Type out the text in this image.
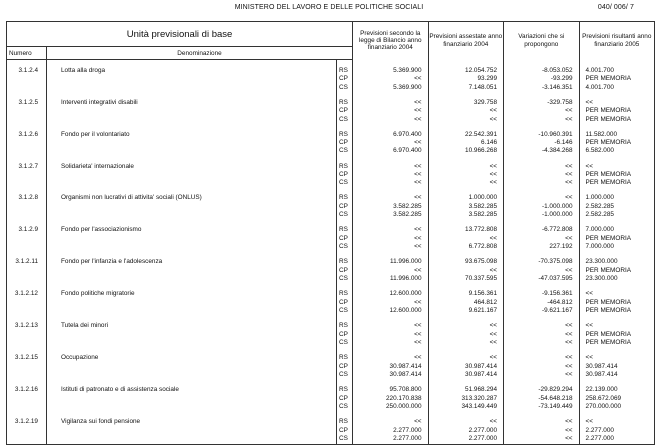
MINISTERO DEL LAVORO E DELLE POLITICHE SOCIALI	040/ 006/ 7
Unità previsionali di base			Previsioni secondo la legge di Bilancio anno finanziario 2004	Previsioni assestate anno finanziario 2004	Variazioni che si propongono	Previsioni risultanti anno finanziario 2005
Numero	Denominazione					

3.1.2.4	Lotta alla droga	RS	5.369.900	12.054.752	-8.053.052	4.001.700
		CP	<<	93.299	-93.299	PER MEMORIA
		CS	5.369.900	7.148.051	-3.146.351	4.001.700

3.1.2.5	Interventi integrativi disabili	RS	<<	329.758	-329.758	<<
		CP	<<	<<	<<	PER MEMORIA
		CS	<<	<<	<<	PER MEMORIA

3.1.2.6	Fondo per il volontariato	RS	6.970.400	22.542.391	-10.960.391	11.582.000
		CP	<<	6.146	-6.146	PER MEMORIA
		CS	6.970.400	10.966.268	-4.384.268	6.582.000

3.1.2.7	Solidarieta' internazionale	RS	<<	<<	<<	<<
		CP	<<	<<	<<	PER MEMORIA
		CS	<<	<<	<<	PER MEMORIA

3.1.2.8	Organismi non lucrativi di attivita' sociali (ONLUS)	RS	<<	1.000.000	<<	1.000.000
		CP	3.582.285	3.582.285	-1.000.000	2.582.285
		CS	3.582.285	3.582.285	-1.000.000	2.582.285

3.1.2.9	Fondo per l'associazionismo	RS	<<	13.772.808	-6.772.808	7.000.000
		CP	<<	<<	<<	PER MEMORIA
		CS	<<	6.772.808	227.192	7.000.000

3.1.2.11	Fondo per l'infanzia e l'adolescenza	RS	11.996.000	93.675.098	-70.375.098	23.300.000
		CP	<<	<<	<<	PER MEMORIA
		CS	11.996.000	70.337.595	-47.037.595	23.300.000

3.1.2.12	Fondo politiche migratorie	RS	12.600.000	9.156.361	-9.156.361	<<
		CP	<<	464.812	-464.812	PER MEMORIA
		CS	12.600.000	9.621.167	-9.621.167	PER MEMORIA

3.1.2.13	Tutela dei minori	RS	<<	<<	<<	<<
		CP	<<	<<	<<	PER MEMORIA
		CS	<<	<<	<<	PER MEMORIA

3.1.2.15	Occupazione	RS	<<	<<	<<	<<
		CP	30.987.414	30.987.414	<<	30.987.414
		CS	30.987.414	30.987.414	<<	30.987.414

3.1.2.16	Istituti di patronato e di assistenza sociale	RS	95.708.800	51.968.294	-29.829.294	22.139.000
		CP	220.170.838	313.320.287	-54.648.218	258.672.069
		CS	250.000.000	343.149.449	-73.149.449	270.000.000

3.1.2.19	Vigilanza sui fondi pensione	RS	<<	<<	<<	<<
		CP	2.277.000	2.277.000	<<	2.277.000
		CS	2.277.000	2.277.000	<<	2.277.000
